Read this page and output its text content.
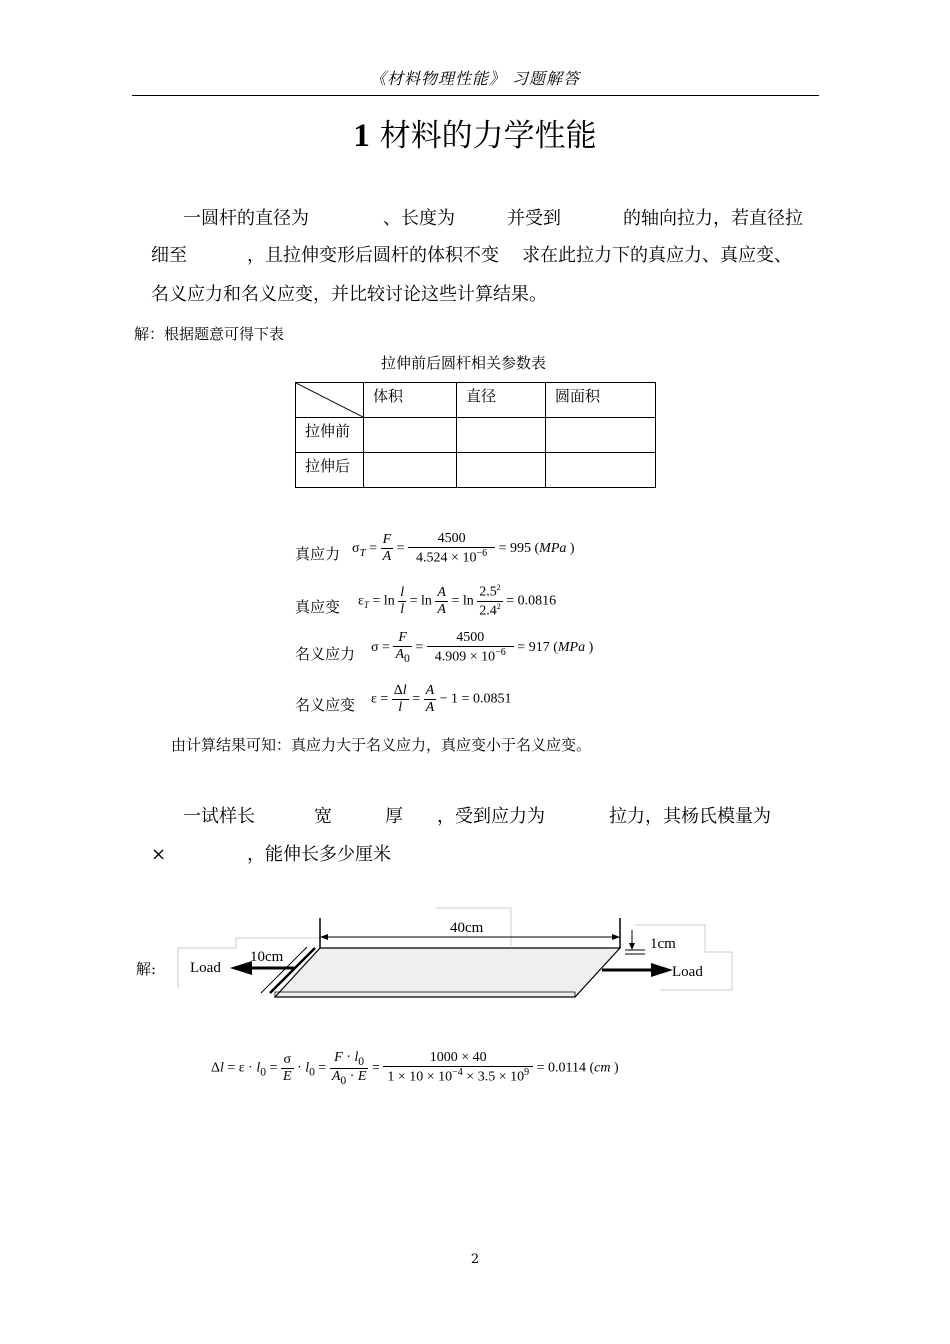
《材料物理性能》 习题解答
1 材料的力学性能
一圆杆的直径为	、长度为	并受到	的轴向拉力，若直径拉
细至	，且拉伸变形后圆杆的体积不变 求在此拉力下的真应力、真应变、
名义应力和名义应变，并比较讨论这些计算结果。
解：根据题意可得下表
拉伸前后圆杆相关参数表
	体积	直径	圆面积
拉伸前			
拉伸后			
真应力 $\sigma_T = \frac{F}{A} = \frac{4500}{4.524 \times 10^{-6}} = 995$ (MPa )
真应变 $\varepsilon_T = \ln \frac{l}{l} = \ln \frac{A}{A} = \ln \frac{2.5^2}{2.4^2} = 0.0816$
名义应力 $\sigma = \frac{F}{A_0} = \frac{4500}{4.909 \times 10^{-6}} = 917$ (MPa )
名义应变 $\varepsilon = \frac{\Delta l}{l} = \frac{A}{A} - 1 = 0.0851$
由计算结果可知：真应力大于名义应力，真应变小于名义应变。
一试样长	宽	厚 ，受到应力为	拉力，其杨氏模量为
×	，能伸长多少厘米
解:
40cm
10cm
1cm
Load	Load
$\Delta l = \varepsilon \cdot l_0 = \frac{\sigma}{E} \cdot l_0 = \frac{F \cdot l_0}{A_0 \cdot E} = \frac{1000 \times 40}{1 \times 10 \times 10^{-4} \times 3.5 \times 10^9} = 0.0114$ (cm )
2
